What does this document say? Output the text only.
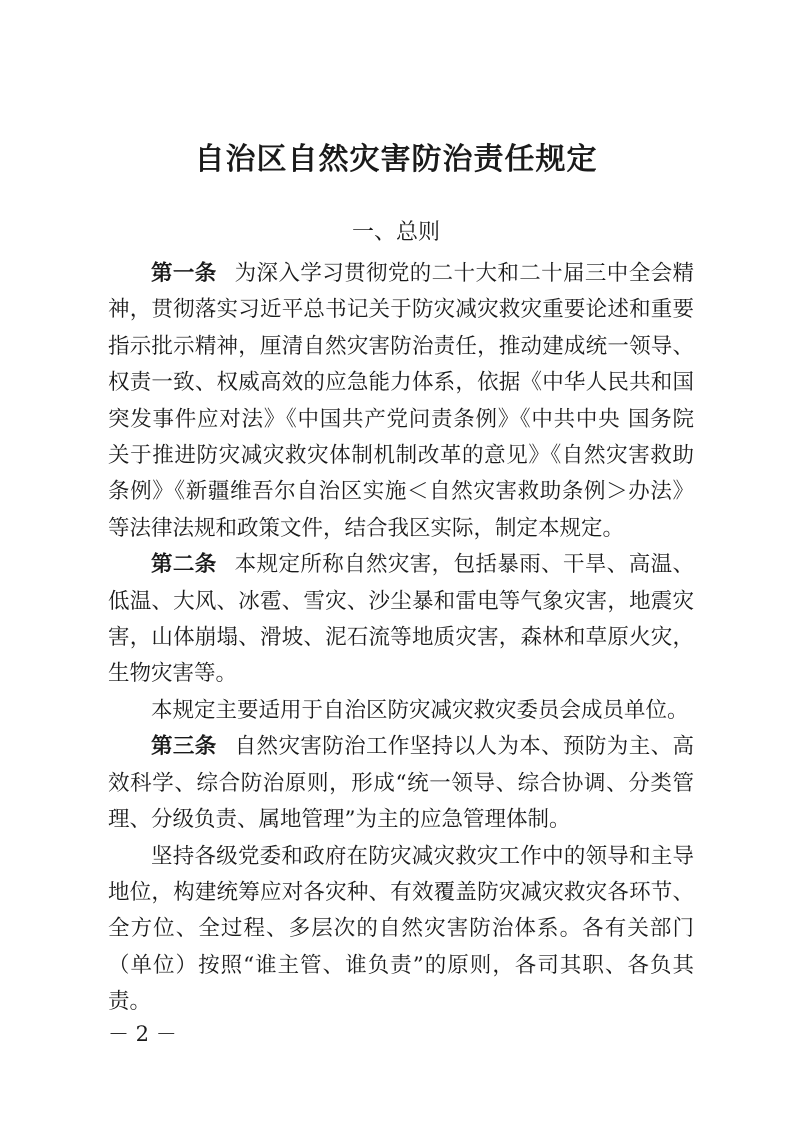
自治区自然灾害防治责任规定
一、总则

第一条 为深入学习贯彻党的二十大和二十届三中全会精神，贯彻落实习近平总书记关于防灾减灾救灾重要论述和重要指示批示精神，厘清自然灾害防治责任，推动建成统一领导、权责一致、权威高效的应急能力体系，依据《中华人民共和国突发事件应对法》《中国共产党问责条例》《中共中央 国务院关于推进防灾减灾救灾体制机制改革的意见》《自然灾害救助条例》《新疆维吾尔自治区实施＜自然灾害救助条例＞办法》等法律法规和政策文件，结合我区实际，制定本规定。

第二条 本规定所称自然灾害，包括暴雨、干旱、高温、低温、大风、冰雹、雪灾、沙尘暴和雷电等气象灾害，地震灾害，山体崩塌、滑坡、泥石流等地质灾害，森林和草原火灾，生物灾害等。

本规定主要适用于自治区防灾减灾救灾委员会成员单位。

第三条 自然灾害防治工作坚持以人为本、预防为主、高效科学、综合防治原则，形成“统一领导、综合协调、分类管理、分级负责、属地管理”为主的应急管理体制。

坚持各级党委和政府在防灾减灾救灾工作中的领导和主导地位，构建统筹应对各灾种、有效覆盖防灾减灾救灾各环节、全方位、全过程、多层次的自然灾害防治体系。各有关部门（单位）按照“谁主管、谁负责”的原则，各司其职、各负其责。

－ 2 －
